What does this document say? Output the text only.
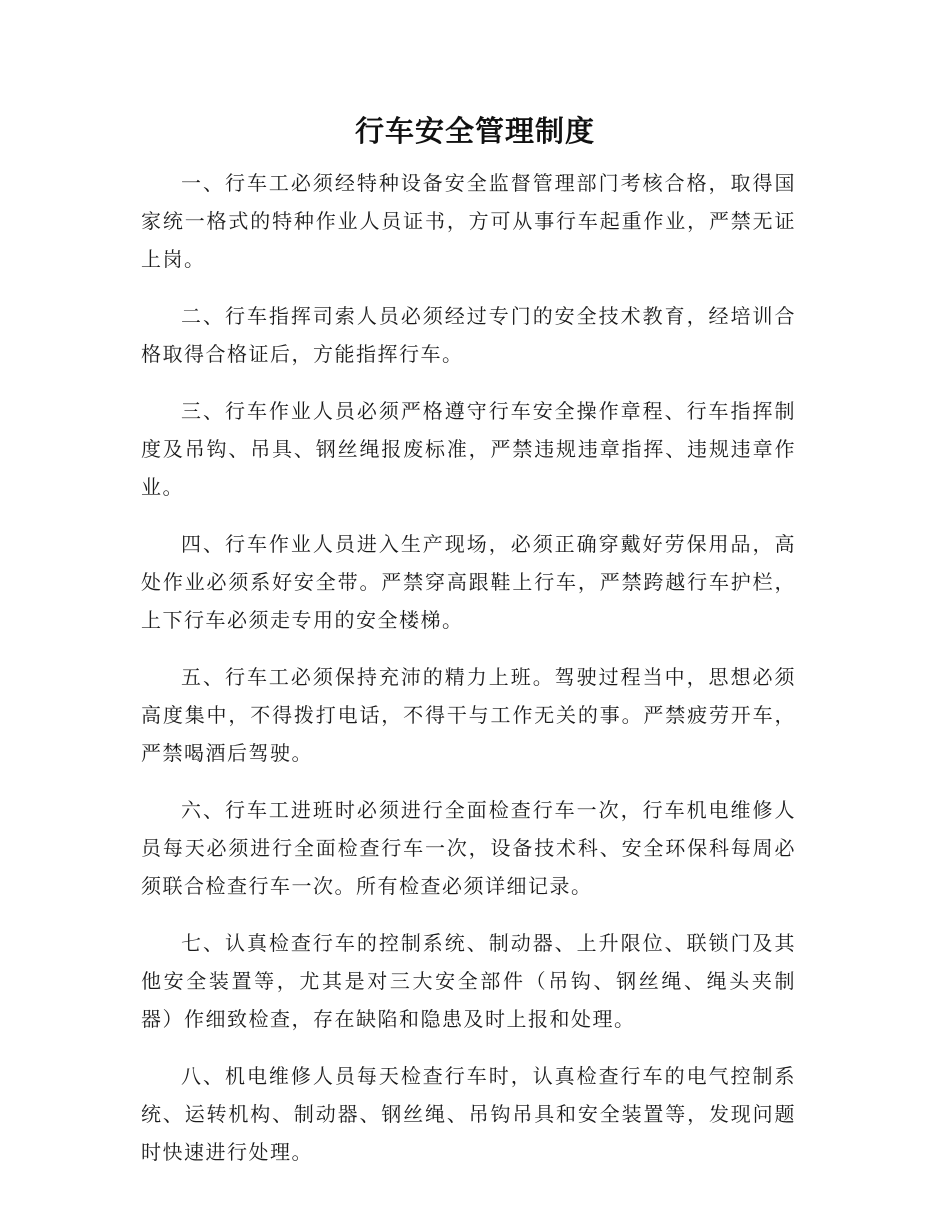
行车安全管理制度

一、行车工必须经特种设备安全监督管理部门考核合格，取得国家统一格式的特种作业人员证书，方可从事行车起重作业，严禁无证上岗。

二、行车指挥司索人员必须经过专门的安全技术教育，经培训合格取得合格证后，方能指挥行车。

三、行车作业人员必须严格遵守行车安全操作章程、行车指挥制度及吊钩、吊具、钢丝绳报废标准，严禁违规违章指挥、违规违章作业。

四、行车作业人员进入生产现场，必须正确穿戴好劳保用品，高处作业必须系好安全带。严禁穿高跟鞋上行车，严禁跨越行车护栏，上下行车必须走专用的安全楼梯。

五、行车工必须保持充沛的精力上班。驾驶过程当中，思想必须高度集中，不得拨打电话，不得干与工作无关的事。严禁疲劳开车，严禁喝酒后驾驶。

六、行车工进班时必须进行全面检查行车一次，行车机电维修人员每天必须进行全面检查行车一次，设备技术科、安全环保科每周必须联合检查行车一次。所有检查必须详细记录。

七、认真检查行车的控制系统、制动器、上升限位、联锁门及其他安全装置等，尤其是对三大安全部件（吊钩、钢丝绳、绳头夹制器）作细致检查，存在缺陷和隐患及时上报和处理。

八、机电维修人员每天检查行车时，认真检查行车的电气控制系统、运转机构、制动器、钢丝绳、吊钩吊具和安全装置等，发现问题时快速进行处理。
